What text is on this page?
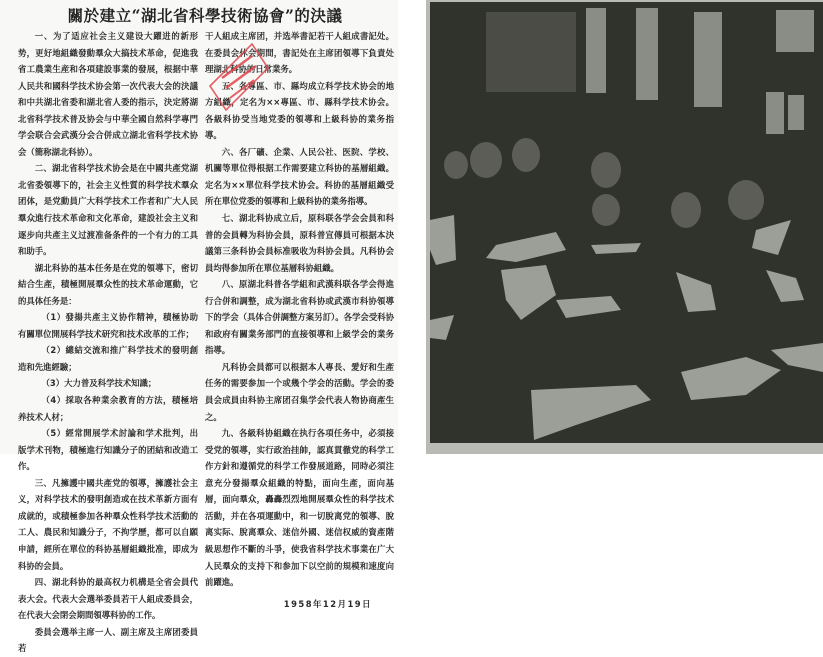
關於建立“湖北省科學技術協會”的決議

一、为了适应社会主义建设大躍进的新形势，更好地組織發動羣众大搞技术革命，促進我省工農業生産和各項建設事業的發展，根据中華人民共和國科学技术协会第一次代表大会的決議和中共湖北省委和湖北省人委的指示，決定將湖北省科学技术普及协会与中華全國自然科学專門学会联合会武漢分会合併成立湖北省科学技术协会（簡称湖北科协）。

二、湖北省科学技术协会是在中國共產党湖北省委領導下的，社会主义性質的科学技术羣众团体，是党動員广大科学技术工作者和广大人民羣众進行技术革命和文化革命，建設社会主义和逐步向共產主义过渡准备条件的一个有力的工具和助手。

湖北科协的基本任务是在党的領導下，密切結合生產，積極開展羣众性的技术革命運動，它的具体任务是：

（1）發揚共產主义协作精神，積極协助有關單位開展科学技术研究和技术改革的工作；

（2）總結交流和推广科学技术的發明創造和先進經驗；

（3）大力普及科学技术知識；

（4）採取各种業余教育的方法，積極培养技术人材；

（5）經常開展学术討論和学术批判，出版学术刊物，積極進行知識分子的团結和改造工作。

三、凡擁護中國共產党的領導，擁護社会主义，对科学技术的發明創造或在技术革新方面有成就的，或積極参加各种羣众性科学技术活動的工人、農民和知識分子，不拘学歷，都可以自願申請，經所在單位的科协基層組織批准，即成为科协的会員。

四、湖北科协的最高权力机構是全省会員代表大会。代表大会選举委員若干人組成委員会，在代表大会閉会期間領導科协的工作。

委員会選举主席一人、副主席及主席团委員若

干人組成主席团，并选举書記若干人組成書記处。在委員会休会期間，書記处在主席团領導下負責处理湖北科协的日常業务。

五、各專區、市、縣均成立科学技术协会的地方組織，定名为××專區、市、縣科学技术协会。各級科协受当地党委的領導和上級科协的業务指導。

六、各厂礦、企業、人民公社、医院、学校、机關等單位得根据工作需要建立科协的基層組織。定名为××單位科学技术协会。科协的基層組織受所在單位党委的領導和上級科协的業务指導。

七、湖北科协成立后，原科联各学会会員和科普的会員轉为科协会員，原科普宣傳員可根据本決議第三条科协会員标准吸收为科协会員。凡科协会員均得参加所在單位基層科协組織。

八、原湖北科普各学組和武漢科联各学会得進行合併和調整，成为湖北省科协或武漢市科协領導下的学会（具体合併調整方案另訂）。各学会受科协和政府有關業务部門的直接領導和上級学会的業务指導。

凡科协会員都可以根据本人專長、愛好和生產任务的需要参加一个或幾个学会的活動。学会的委員会成員由科协主席团召集学会代表人物协商產生之。

九、各級科协組織在执行各項任务中，必須接受党的領導，实行政治挂帥，認真貫徹党的科学工作方針和遵循党的科学工作發展道路，同時必須注意充分發揚羣众組織的特點，面向生產，面向基層，面向羣众，轟轟烈烈地開展羣众性的科学技术活動，并在各項運動中，和一切脫离党的領導、脫离实际、脫离羣众、迷信外國、迷信权威的資產階級思想作不斷的斗爭，使我省科学技术事業在广大人民羣众的支持下和参加下以空前的規模和速度向前躍進。

1958年12月19日
